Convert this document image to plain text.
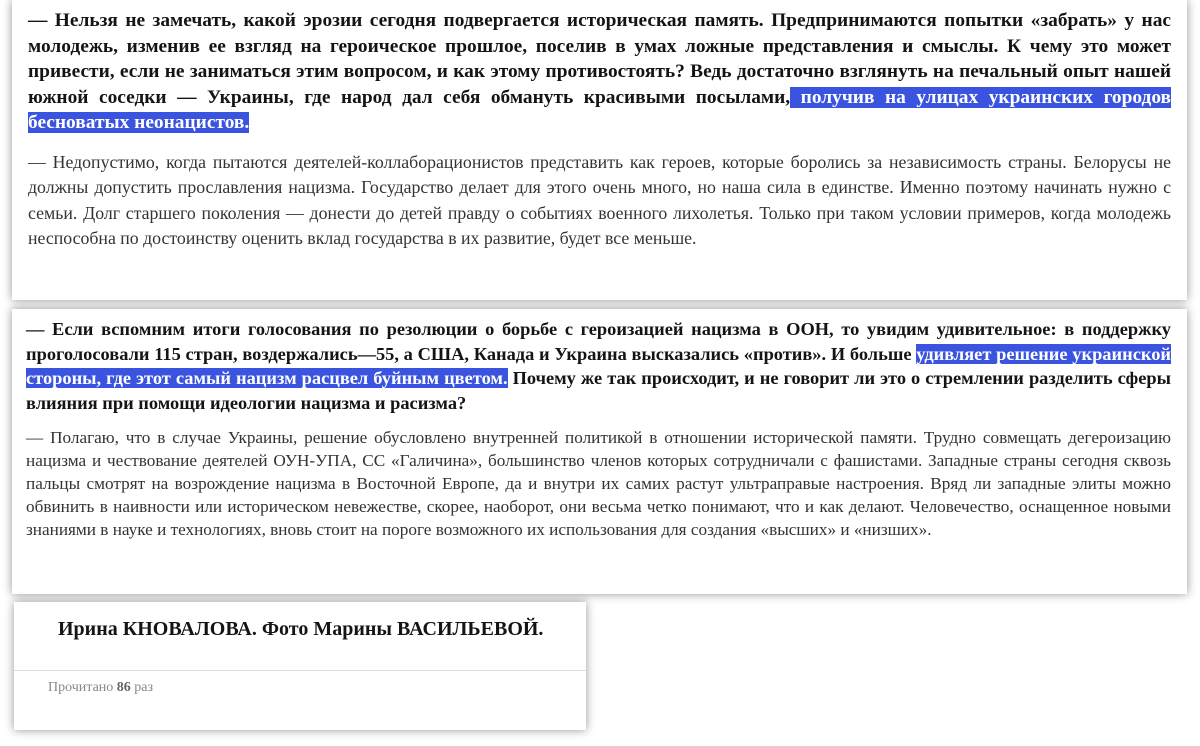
— Нельзя не замечать, какой эрозии сегодня подвергается историческая память. Предпринимаются попытки «забрать» у нас молодежь, изменив ее взгляд на героическое прошлое, поселив в умах ложные представления и смыслы. К чему это может привести, если не заниматься этим вопросом, и как этому противостоять? Ведь достаточно взглянуть на печальный опыт нашей южной соседки — Украины, где народ дал себя обмануть красивыми посылами, получив на улицах украинских городов бесноватых неонацистов.

— Недопустимо, когда пытаются деятелей-коллаборационистов представить как героев, которые боролись за независимость страны. Белорусы не должны допустить прославления нацизма. Государство делает для этого очень много, но наша сила в единстве. Именно поэтому начинать нужно с семьи. Долг старшего поколения — донести до детей правду о событиях военного лихолетья. Только при таком условии примеров, когда молодежь неспособна по достоинству оценить вклад государства в их развитие, будет все меньше.

— Если вспомним итоги голосования по резолюции о борьбе с героизацией нацизма в ООН, то увидим удивительное: в поддержку проголосовали 115 стран, воздержались—55, а США, Канада и Украина высказались «против». И больше удивляет решение украинской стороны, где этот самый нацизм расцвел буйным цветом. Почему же так происходит, и не говорит ли это о стремлении разделить сферы влияния при помощи идеологии нацизма и расизма?

— Полагаю, что в случае Украины, решение обусловлено внутренней политикой в отношении исторической памяти. Трудно совмещать дегероизацию нацизма и чествование деятелей ОУН-УПА, СС «Галичина», большинство членов которых сотрудничали с фашистами. Западные страны сегодня сквозь пальцы смотрят на возрождение нацизма в Восточной Европе, да и внутри их самих растут ультраправые настроения. Вряд ли западные элиты можно обвинить в наивности или историческом невежестве, скорее, наоборот, они весьма четко понимают, что и как делают. Человечество, оснащенное новыми знаниями в науке и технологиях, вновь стоит на пороге возможного их использования для создания «высших» и «низших».

Ирина КНОВАЛОВА. Фото Марины ВАСИЛЬЕВОЙ.
Прочитано 86 раз
